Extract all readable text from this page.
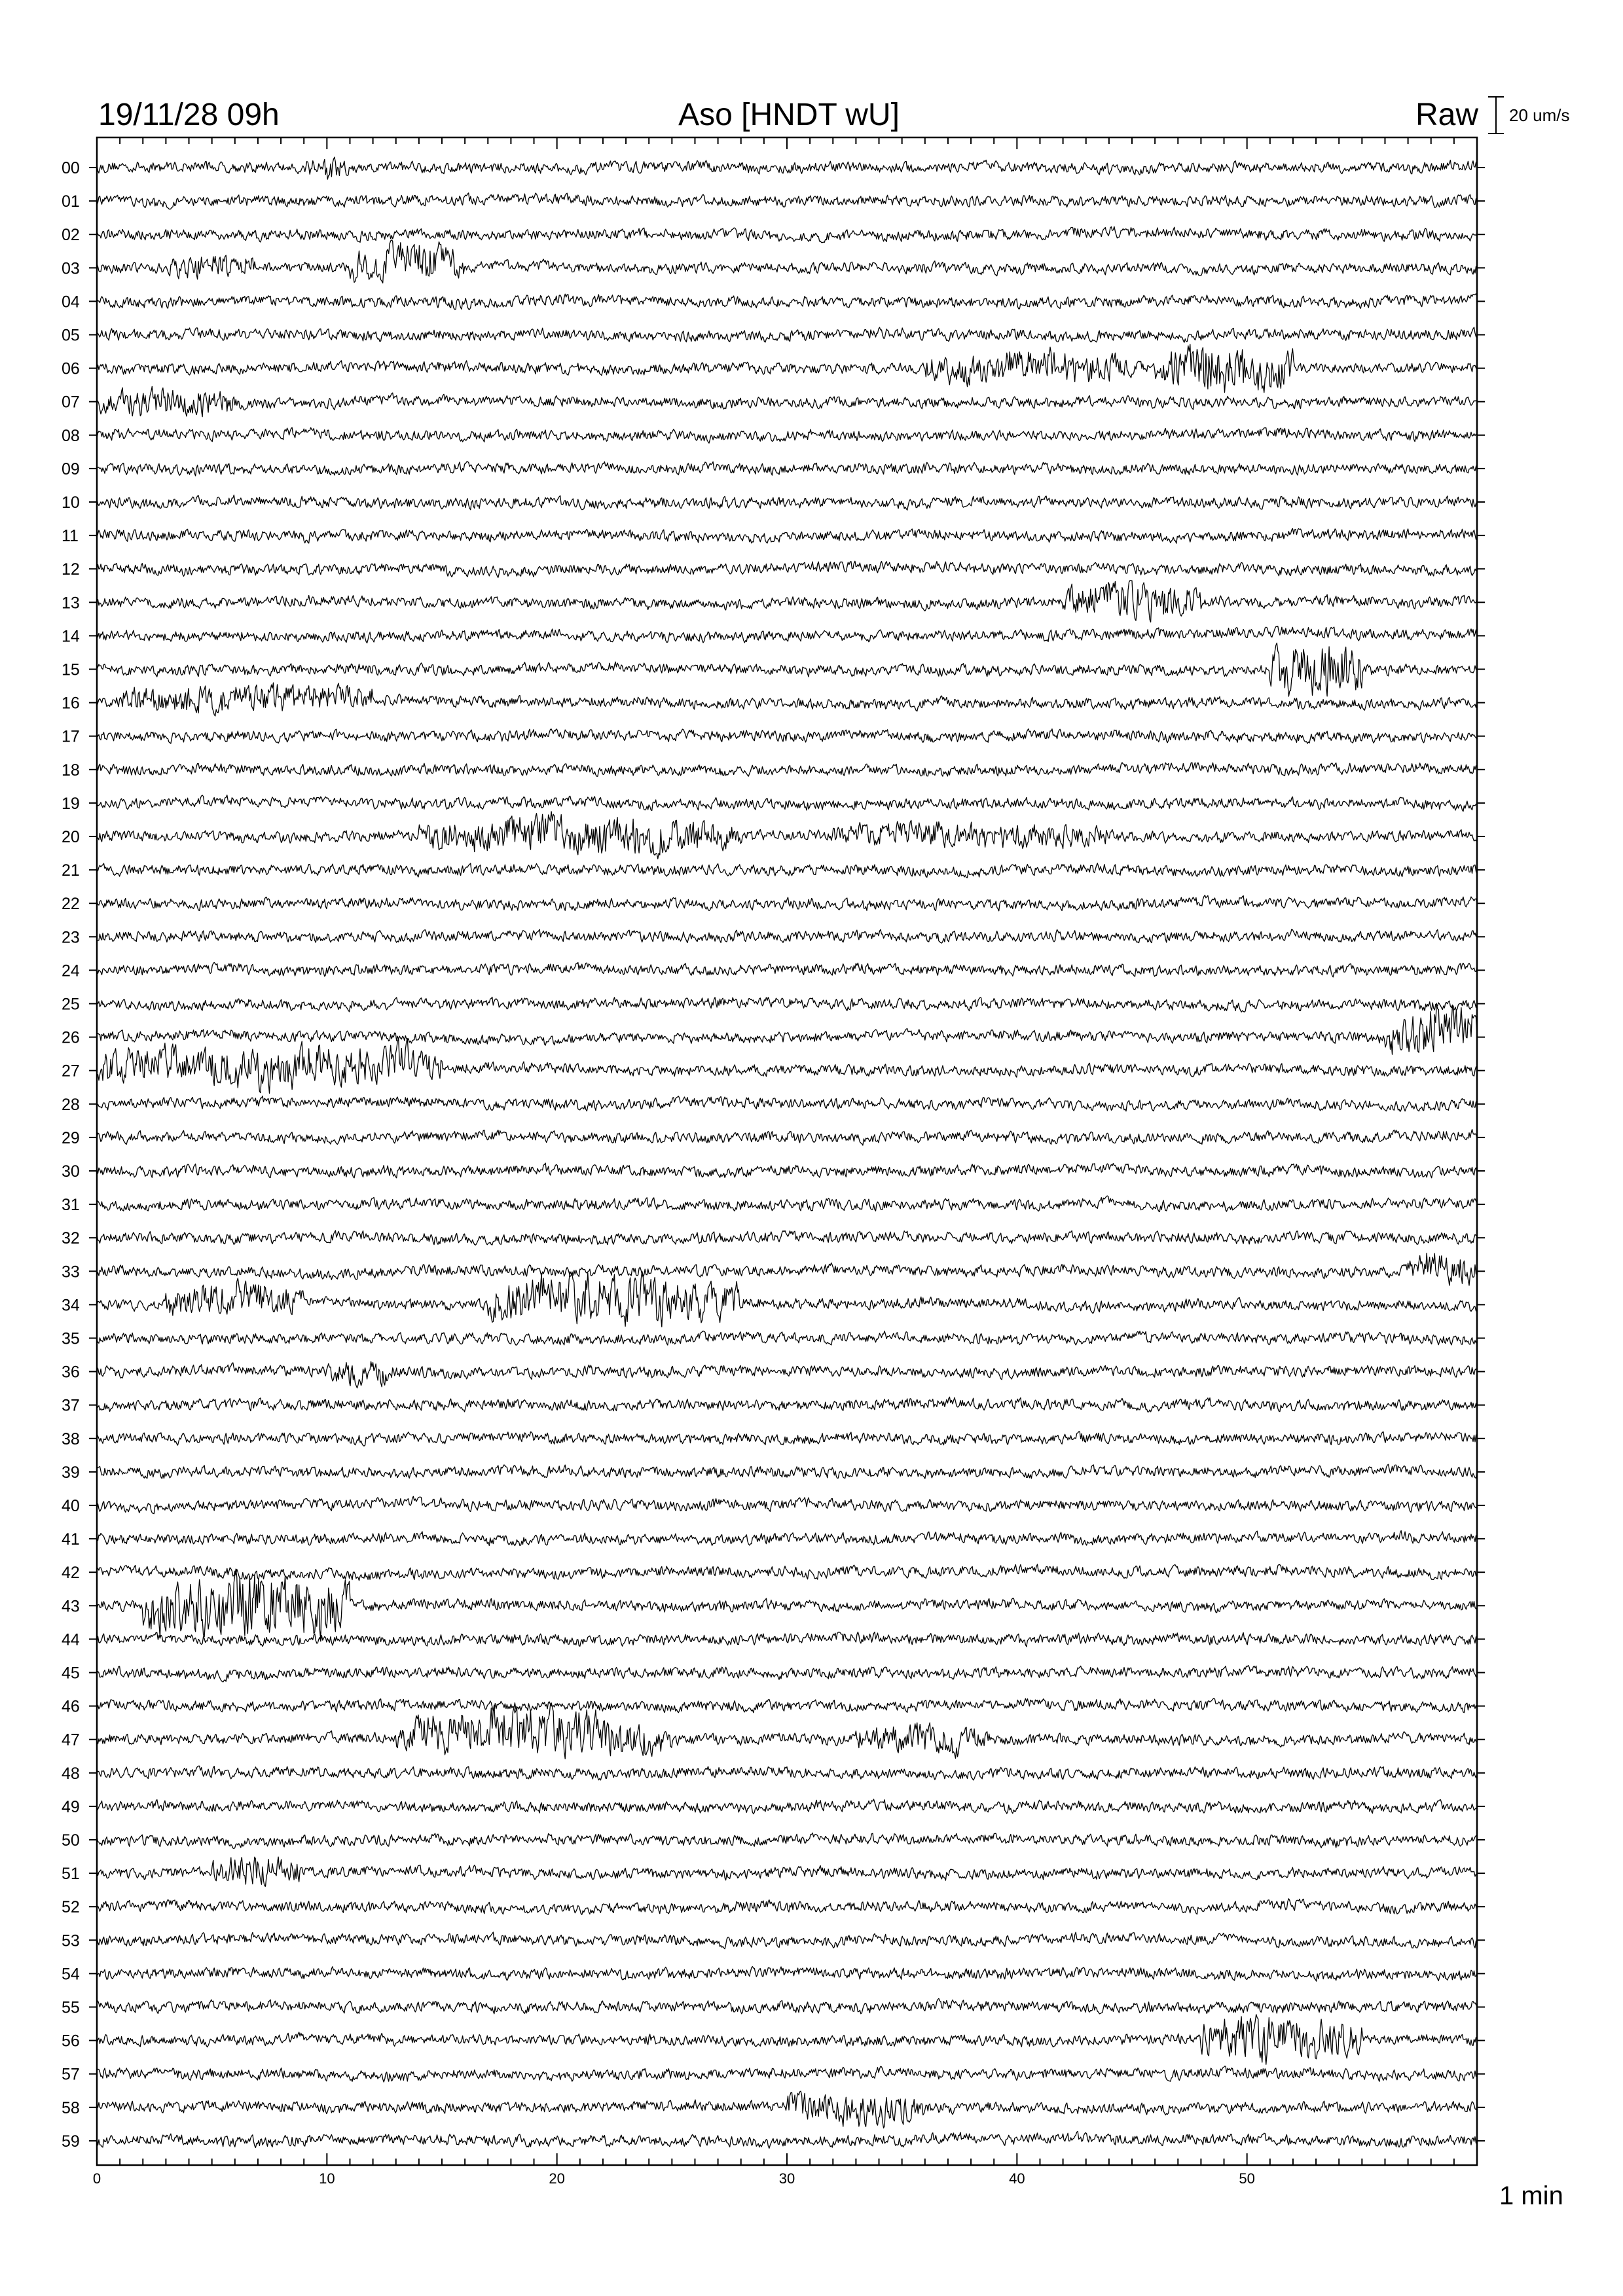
19/11/28 09h	Aso [HNDT wU]	Raw 20 um/s
00
01
02
03
04
05
06
07
08
09
10
11
12
13
14
15
16
17
18
19
20
21
22
23
24
25
26
27
28
29
30
31
32
33
34
35
36
37
38
39
40
41
42
43
44
45
46
47
48
49
50
51
52
53
54
55
56
57
58
59
0	10	20	30	40	50
1 min
